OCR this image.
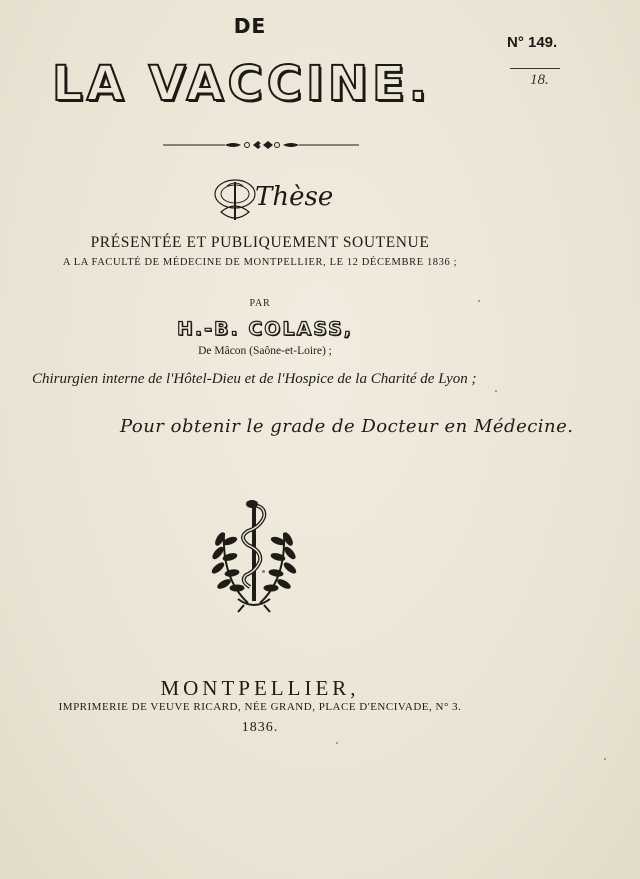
DE
LA VACCINE.
N° 149.
18.
Thèse
PRÉSENTÉE ET PUBLIQUEMENT SOUTENUE
A LA FACULTÉ DE MÉDECINE DE MONTPELLIER, LE 12 DÉCEMBRE 1836 ;
PAR
H.-B. COLASS,
De Mâcon (Saône-et-Loire) ;
Chirurgien interne de l'Hôtel-Dieu et de l'Hospice de la Charité de Lyon ;
Pour obtenir le grade de Docteur en Médecine.
MONTPELLIER,
IMPRIMERIE DE VEUVE RICARD, NÉE GRAND, PLACE D'ENCIVADE, N° 3.
1836.
